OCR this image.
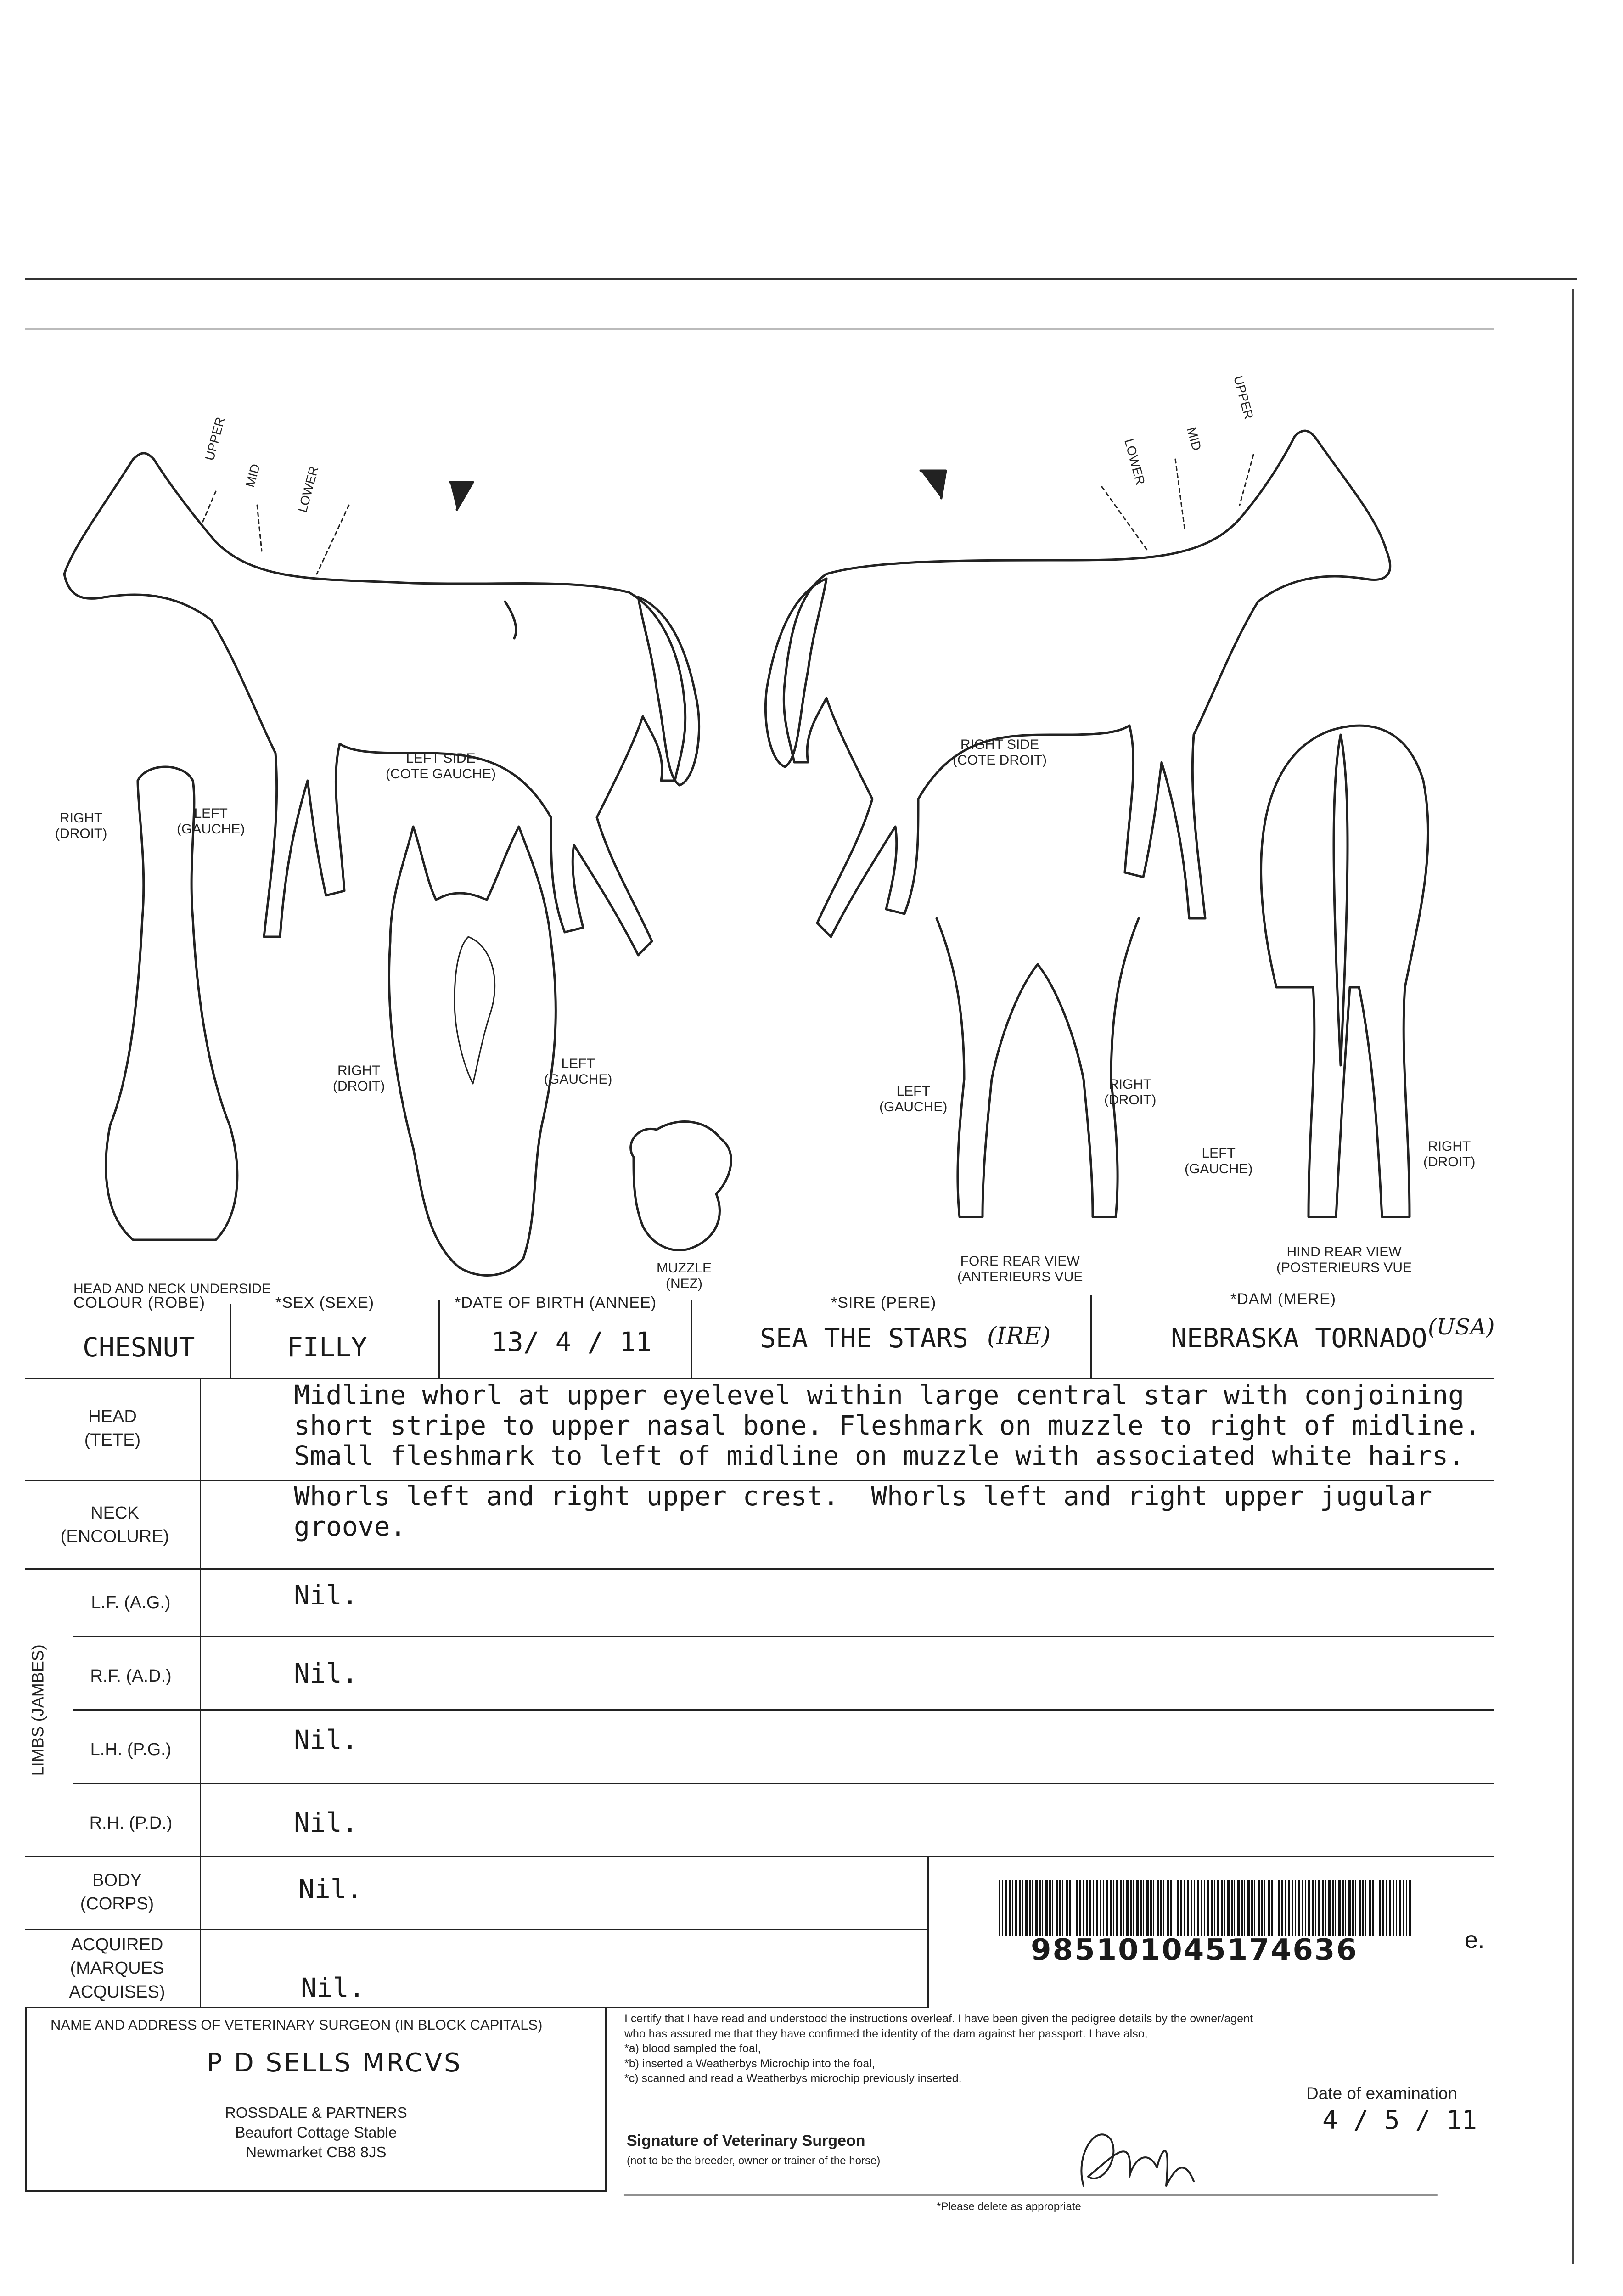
UPPER
MID	LOWER
UPPER
MID
LOWER
LEFT SIDE
(COTE GAUCHE)
RIGHT SIDE
(COTE DROIT)
RIGHT
(DROIT)
LEFT
(GAUCHE)
RIGHT
(DROIT)
LEFT
(GAUCHE)
LEFT
(GAUCHE)
RIGHT
(DROIT)
LEFT
(GAUCHE)
RIGHT
(DROIT)
HEAD AND NECK UNDERSIDE
MUZZLE
(NEZ)
FORE REAR VIEW
(ANTERIEURS VUE
HIND REAR VIEW
(POSTERIEURS VUE
COLOUR (ROBE)	*SEX (SEXE)	*DATE OF BIRTH (ANNEE)	*SIRE (PERE)	*DAM (MERE)
CHESNUT	FILLY	13/ 4 / 11	SEA THE STARS (IRE)	NEBRASKA TORNADO (USA)
HEAD
(TETE)
Midline whorl at upper eyelevel within large central star with conjoining
short stripe to upper nasal bone. Fleshmark on muzzle to right of midline.
Small fleshmark to left of midline on muzzle with associated white hairs.
NECK
(ENCOLURE)
Whorls left and right upper crest.  Whorls left and right upper jugular
groove.
LIMBS (JAMBES)
L.F. (A.G.)	Nil.
R.F. (A.D.)	Nil.
L.H. (P.G.)	Nil.
R.H. (P.D.)	Nil.
BODY
(CORPS)	Nil.
ACQUIRED
(MARQUES
ACQUISES)	Nil.
985101045174636	e.
NAME AND ADDRESS OF VETERINARY SURGEON (IN BLOCK CAPITALS)
P D SELLS MRCVS
ROSSDALE & PARTNERS
Beaufort Cottage Stable
Newmarket CB8 8JS
I certify that I have read and understood the instructions overleaf. I have been given the pedigree details by the owner/agent
who has assured me that they have confirmed the identity of the dam against her passport. I have also,
*a) blood sampled the foal,
*b) inserted a Weatherbys Microchip into the foal,
*c) scanned and read a Weatherbys microchip previously inserted.
Signature of Veterinary Surgeon
(not to be the breeder, owner or trainer of the horse)
*Please delete as appropriate
Date of examination
4 / 5 / 11
